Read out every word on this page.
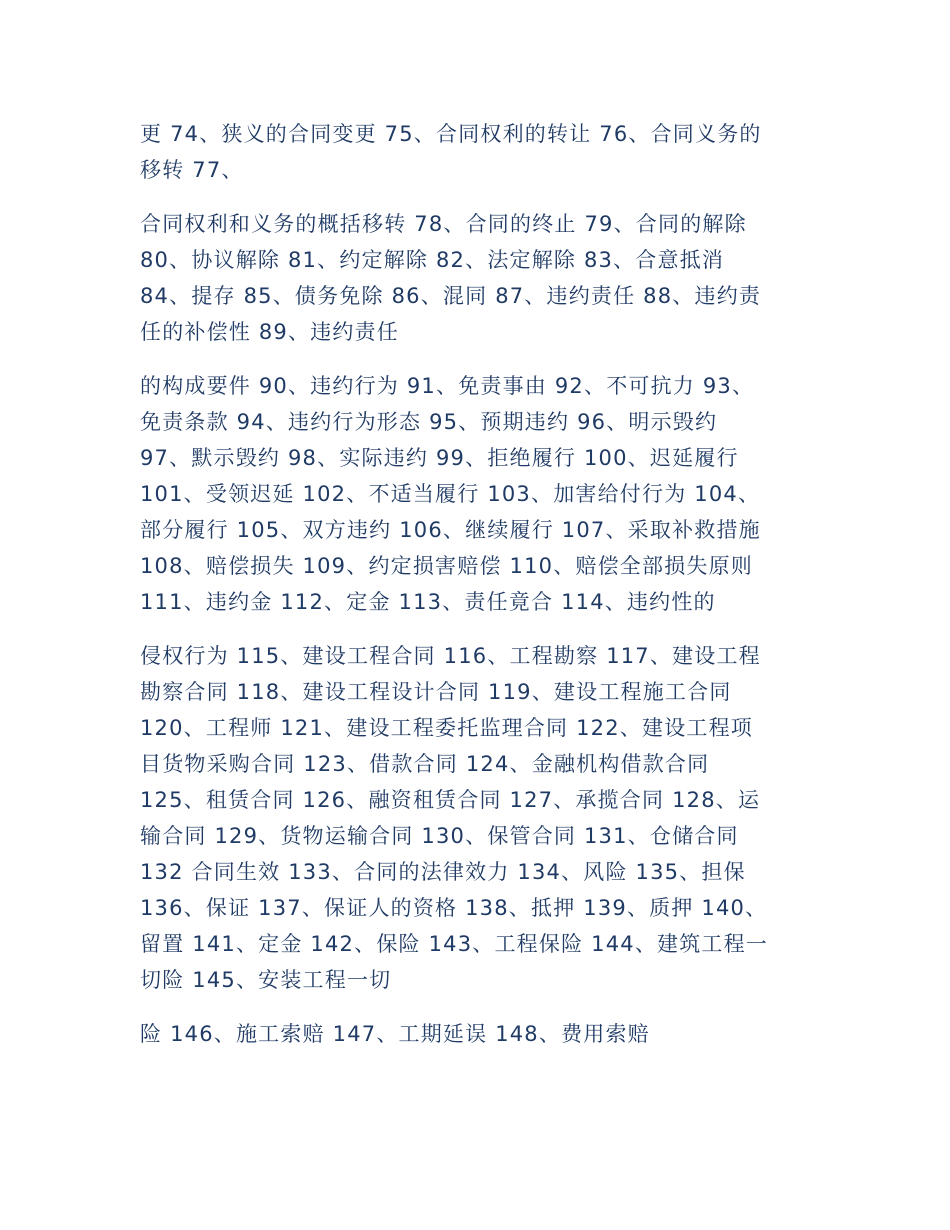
更 74、狭义的合同变更 75、合同权利的转让 76、合同义务的
移转 77、

合同权利和义务的概括移转 78、合同的终止 79、合同的解除
80、协议解除 81、约定解除 82、法定解除 83、合意抵消
84、提存 85、债务免除 86、混同 87、违约责任 88、违约责
任的补偿性 89、违约责任

的构成要件 90、违约行为 91、免责事由 92、不可抗力 93、
免责条款 94、违约行为形态 95、预期违约 96、明示毁约
97、默示毁约 98、实际违约 99、拒绝履行 100、迟延履行
101、受领迟延 102、不适当履行 103、加害给付行为 104、
部分履行 105、双方违约 106、继续履行 107、采取补救措施
108、赔偿损失 109、约定损害赔偿 110、赔偿全部损失原则
111、违约金 112、定金 113、责任竟合 114、违约性的

侵权行为 115、建设工程合同 116、工程勘察 117、建设工程
勘察合同 118、建设工程设计合同 119、建设工程施工合同
120、工程师 121、建设工程委托监理合同 122、建设工程项
目货物采购合同 123、借款合同 124、金融机构借款合同
125、租赁合同 126、融资租赁合同 127、承揽合同 128、运
输合同 129、货物运输合同 130、保管合同 131、仓储合同
132 合同生效 133、合同的法律效力 134、风险 135、担保
136、保证 137、保证人的资格 138、抵押 139、质押 140、
留置 141、定金 142、保险 143、工程保险 144、建筑工程一
切险 145、安装工程一切

险 146、施工索赔 147、工期延误 148、费用索赔
